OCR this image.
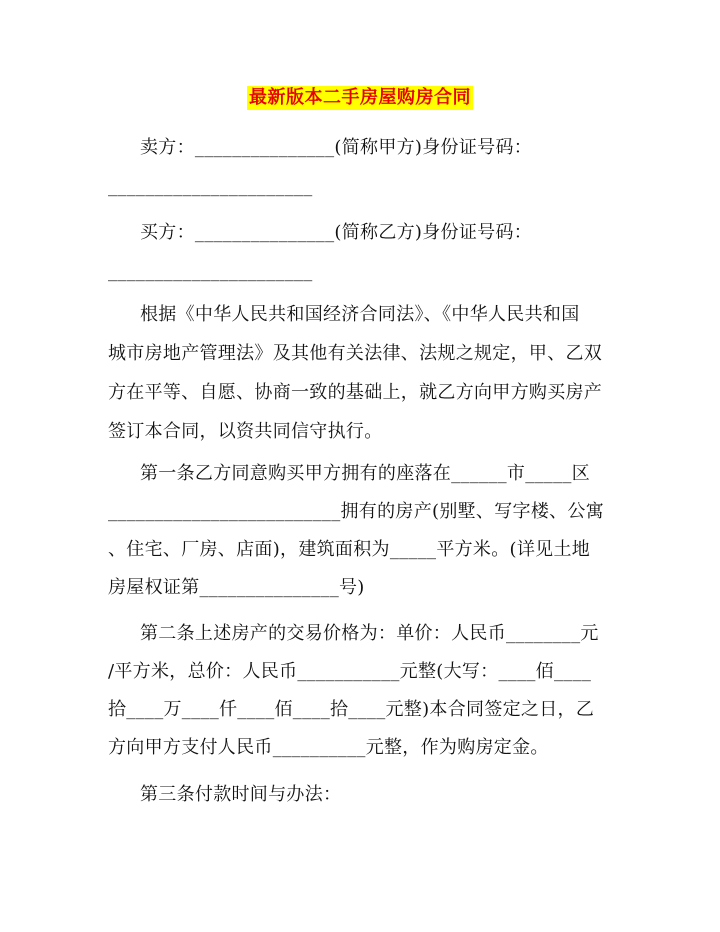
最新版本二手房屋购房合同
卖方：_______________(简称甲方)身份证号码：
______________________
买方：_______________(简称乙方)身份证号码：
______________________
根据《中华人民共和国经济合同法》、《中华人民共和国
城市房地产管理法》及其他有关法律、法规之规定，甲、乙双
方在平等、自愿、协商一致的基础上，就乙方向甲方购买房产
签订本合同，以资共同信守执行。
第一条乙方同意购买甲方拥有的座落在______市_____区
_________________________拥有的房产(别墅、写字楼、公寓
、住宅、厂房、店面)，建筑面积为_____平方米。(详见土地
房屋权证第_______________号)
第二条上述房产的交易价格为：单价：人民币________元
/平方米，总价：人民币___________元整(大写：____佰____
拾____万____仟____佰____拾____元整)本合同签定之日，乙
方向甲方支付人民币__________元整，作为购房定金。
第三条付款时间与办法：
